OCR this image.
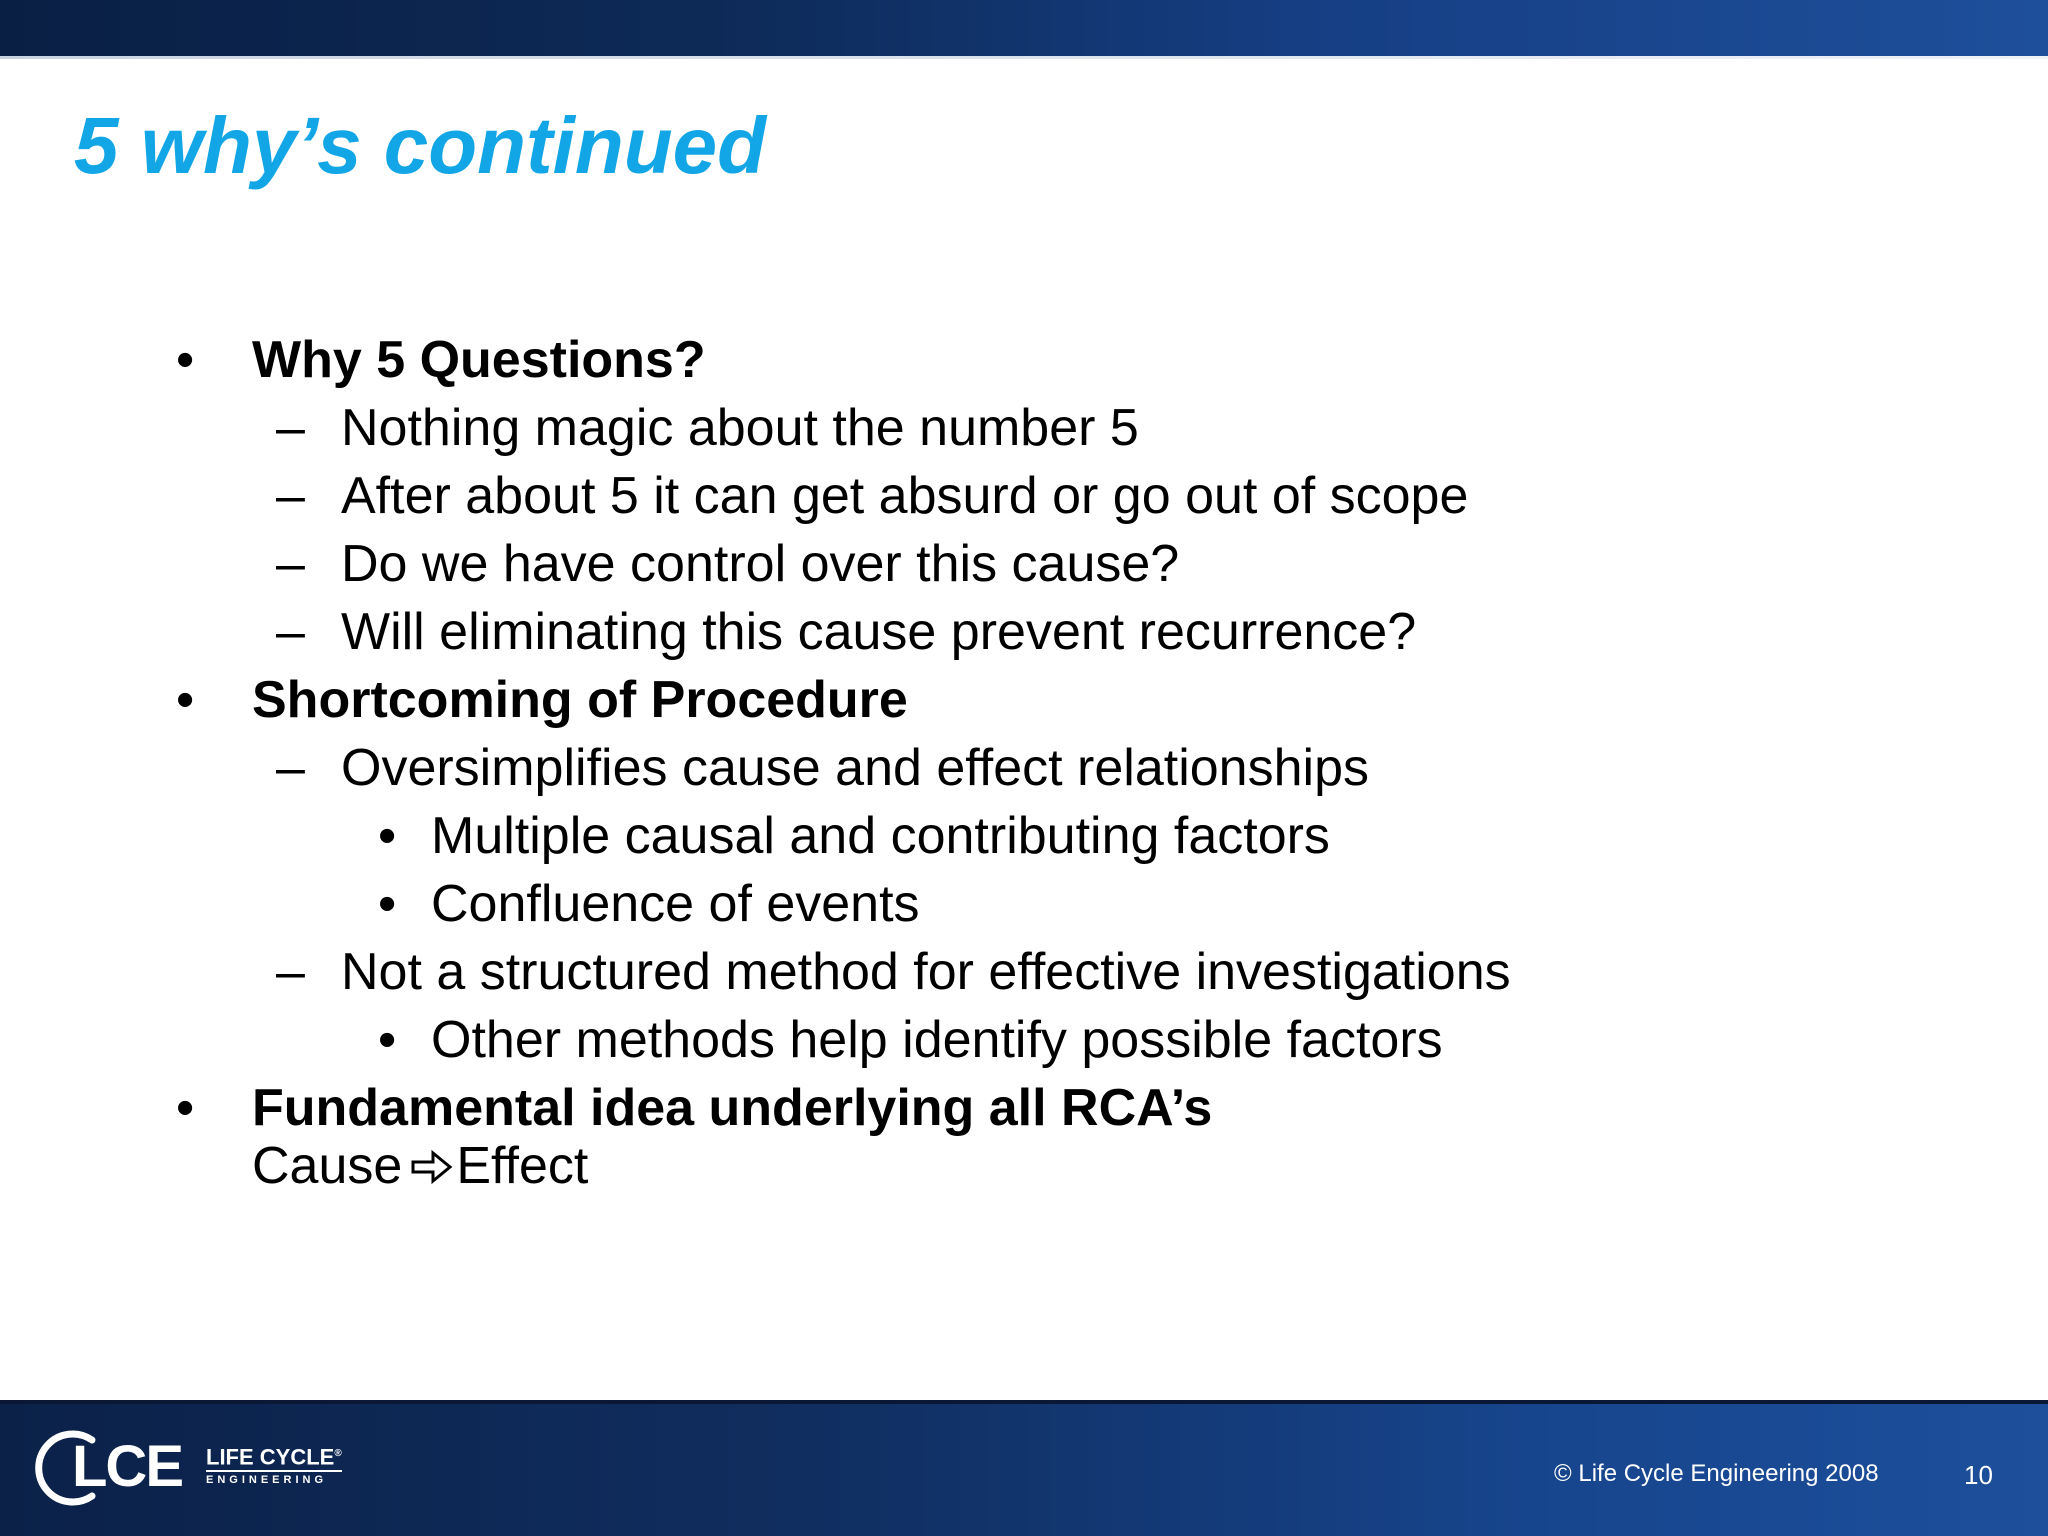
5 why’s continued
• Why 5 Questions?
– Nothing magic about the number 5
– After about 5 it can get absurd or go out of scope
– Do we have control over this cause?
– Will eliminating this cause prevent recurrence?
• Shortcoming of Procedure
– Oversimplifies cause and effect relationships
• Multiple causal and contributing factors
• Confluence of events
– Not a structured method for effective investigations
• Other methods help identify possible factors
• Fundamental idea underlying all RCA’s
Cause Effect
LCE LIFE CYCLE®
ENGINEERING	© Life Cycle Engineering 2008	10
